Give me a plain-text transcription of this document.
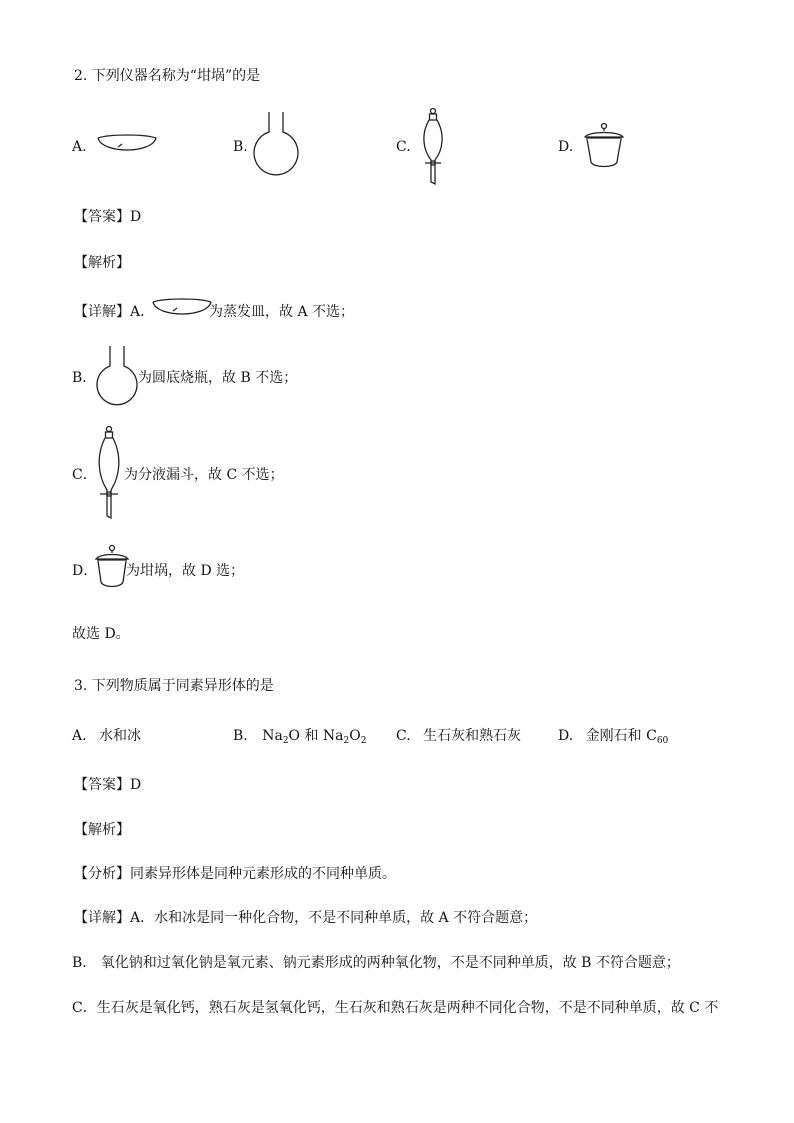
2. 下列仪器名称为“坩埚”的是
A.	B.	C.	D.
【答案】D
【解析】
【详解】A．	为蒸发皿，故 A 不选；
B．	为圆底烧瓶，故 B 不选；
C． 为分液漏斗，故 C 不选；
D． 为坩埚，故 D 选；
故选 D。
3. 下列物质属于同素异形体的是
A. 水和冰	B. $Na_2O$ 和 $Na_2O_2$ C. 生石灰和熟石灰	D. 金刚石和 $C_{60}$
【答案】D
【解析】
【分析】同素异形体是同种元素形成的不同种单质。
【详解】A．水和冰是同一种化合物，不是不同种单质，故 A 不符合题意；
B． 氧化钠和过氧化钠是氧元素、钠元素形成的两种氧化物，不是不同种单质，故 B 不符合题意；
C．生石灰是氧化钙，熟石灰是氢氧化钙，生石灰和熟石灰是两种不同化合物，不是不同种单质，故 C 不
